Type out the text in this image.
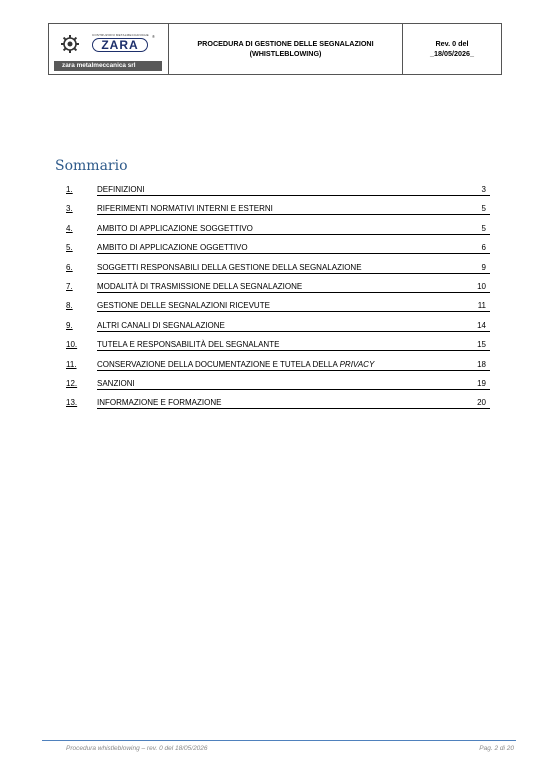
COSTRUZIONI METALMECCANICHE
ZARA
®
zara metalmeccanica srl
PROCEDURA DI GESTIONE DELLE SEGNALAZIONI
(WHISTLEBLOWING)
Rev. 0 del
_18/05/2026_
Sommario
1.	DEFINIZIONI	3
3.	RIFERIMENTI NORMATIVI INTERNI E ESTERNI	5
4.	AMBITO DI APPLICAZIONE SOGGETTIVO	5
5.	AMBITO DI APPLICAZIONE OGGETTIVO	6
6.	SOGGETTI RESPONSABILI DELLA GESTIONE DELLA SEGNALAZIONE	9
7.	MODALITÀ DI TRASMISSIONE DELLA SEGNALAZIONE	10
8.	GESTIONE DELLE SEGNALAZIONI RICEVUTE	11
9.	ALTRI CANALI DI SEGNALAZIONE	14
10. TUTELA E RESPONSABILITÀ DEL SEGNALANTE	15
11.	CONSERVAZIONE DELLA DOCUMENTAZIONE E TUTELA DELLA PRIVACY	18
12. SANZIONI	19
13. INFORMAZIONE E FORMAZIONE	20
Procedura whistleblowing – rev. 0 del 18/05/2026	Pag. 2 di 20
